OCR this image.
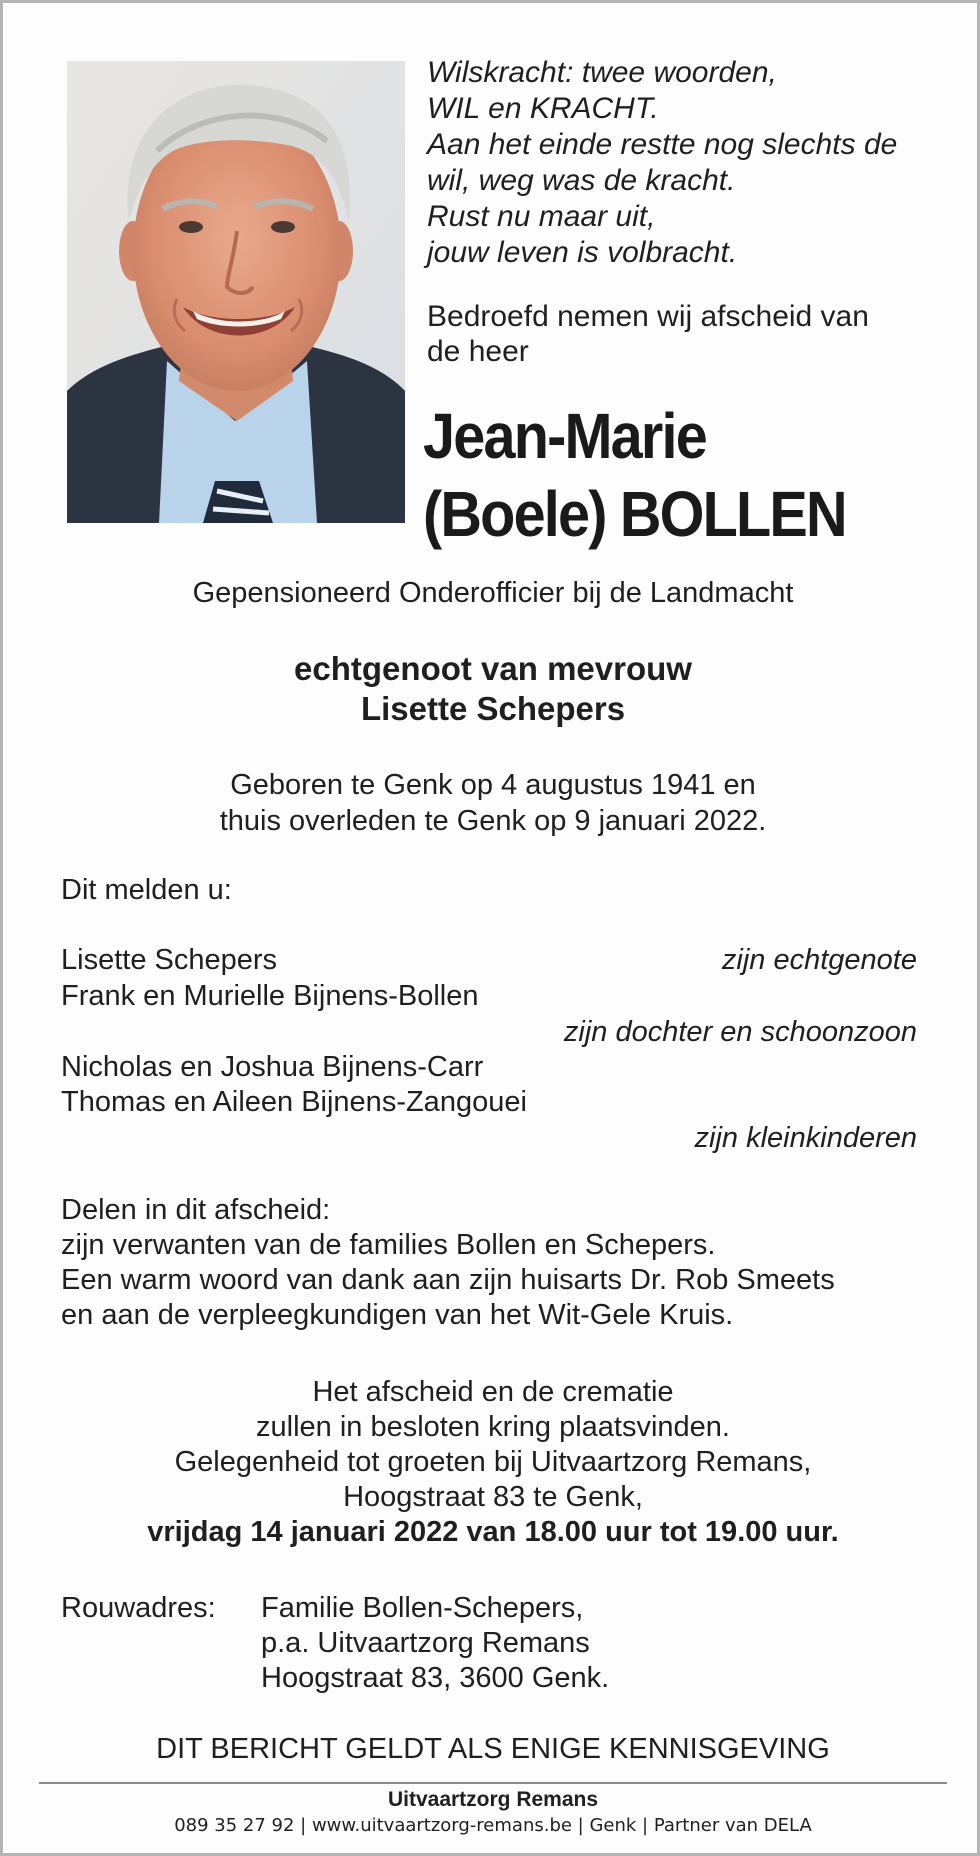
Wilskracht: twee woorden,
WIL en KRACHT.
Aan het einde restte nog slechts de
wil, weg was de kracht.
Rust nu maar uit,
jouw leven is volbracht.
Bedroefd nemen wij afscheid van
de heer
Jean-Marie
(Boele) BOLLEN
Gepensioneerd Onderofficier bij de Landmacht
echtgenoot van mevrouw
Lisette Schepers
Geboren te Genk op 4 augustus 1941 en
thuis overleden te Genk op 9 januari 2022.
Dit melden u:
Lisette Schepers	zijn echtgenote
Frank en Murielle Bijnens-Bollen
zijn dochter en schoonzoon
Nicholas en Joshua Bijnens-Carr
Thomas en Aileen Bijnens-Zangouei
zijn kleinkinderen
Delen in dit afscheid:
zijn verwanten van de families Bollen en Schepers.
Een warm woord van dank aan zijn huisarts Dr. Rob Smeets
en aan de verpleegkundigen van het Wit-Gele Kruis.
Het afscheid en de crematie
zullen in besloten kring plaatsvinden.
Gelegenheid tot groeten bij Uitvaartzorg Remans,
Hoogstraat 83 te Genk,
vrijdag 14 januari 2022 van 18.00 uur tot 19.00 uur.
Rouwadres: Familie Bollen-Schepers,
p.a. Uitvaartzorg Remans
Hoogstraat 83, 3600 Genk.
DIT BERICHT GELDT ALS ENIGE KENNISGEVING
Uitvaartzorg Remans
089 35 27 92 | www.uitvaartzorg-remans.be | Genk | Partner van DELA
